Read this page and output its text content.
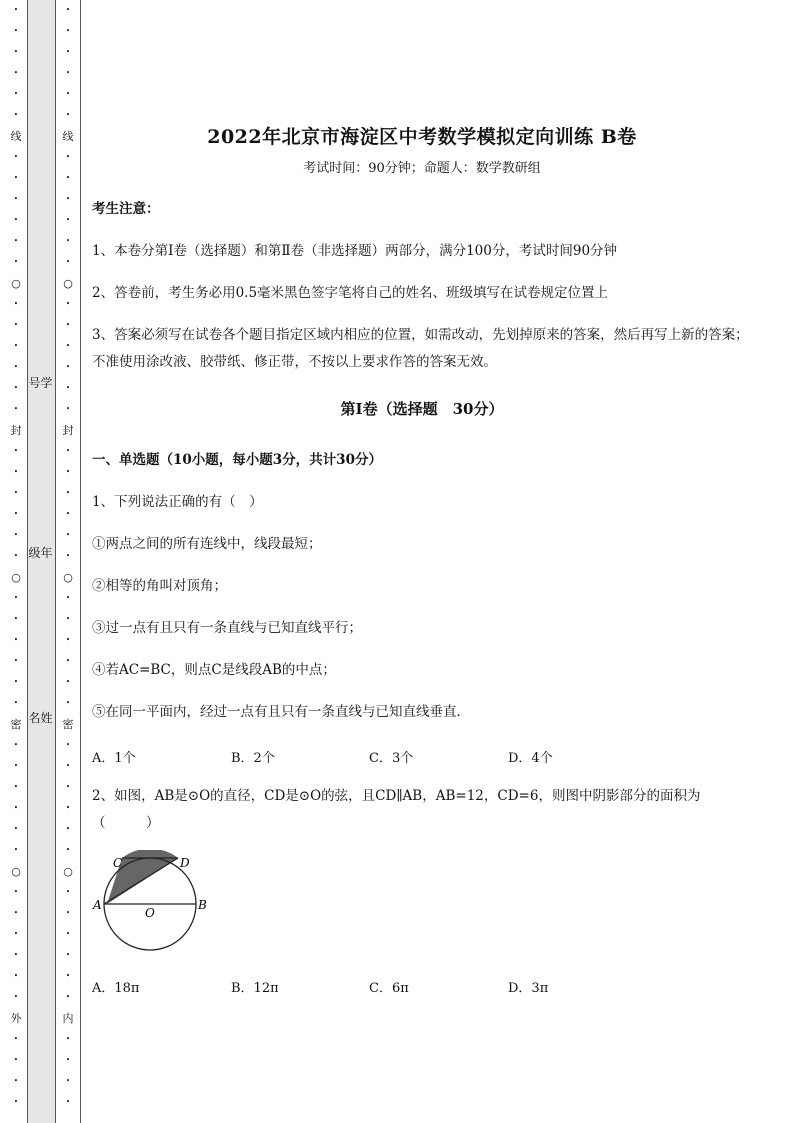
•
•
•
•
•
•
线
•
•
•
•
•
•
○
•
•
•
•
•
•
封
•
•
•
•
•
•
○
•
•
•
•
•
•
密
•
•
•
•
•
•
○
•
•
•
•
•
•
外
•
•
•
•
•
•
•
•
•
•
线
•
•
•
•
•
•
○
•
•
•
•
•
•
封
•
•
•
•
•
•
○
•
•
•
•
•
•
密
•
•
•
•
•
•
○
•
•
•
•
•
•
内
•
•
•
•
号学
级年
名姓
2022年北京市海淀区中考数学模拟定向训练 B卷
考试时间：90分钟；命题人：数学教研组
考生注意：
1、本卷分第Ⅰ卷（选择题）和第Ⅱ卷（非选择题）两部分，满分100分，考试时间90分钟
2、答卷前，考生务必用0.5毫米黑色签字笔将自己的姓名、班级填写在试卷规定位置上
3、答案必须写在试卷各个题目指定区域内相应的位置，如需改动，先划掉原来的答案，然后再写上新的答案；不准使用涂改液、胶带纸、修正带，不按以上要求作答的答案无效。
第Ⅰ卷（选择题　30分）
一、单选题（10小题，每小题3分，共计30分）
1、下列说法正确的有（　）
①两点之间的所有连线中，线段最短；
②相等的角叫对顶角；
③过一点有且只有一条直线与已知直线平行；
④若AC=BC，则点C是线段AB的中点；
⑤在同一平面内，经过一点有且只有一条直线与已知直线垂直．
A．1个	B．2个	C．3个	D．4个
2、如图，AB是⊙O的直径，CD是⊙O的弦，且CD∥AB，AB=12，CD=6，则图中阴影部分的面积为（　　　）
A	B
C	D
O
A．18π	B．12π	C．6π	D．3π
